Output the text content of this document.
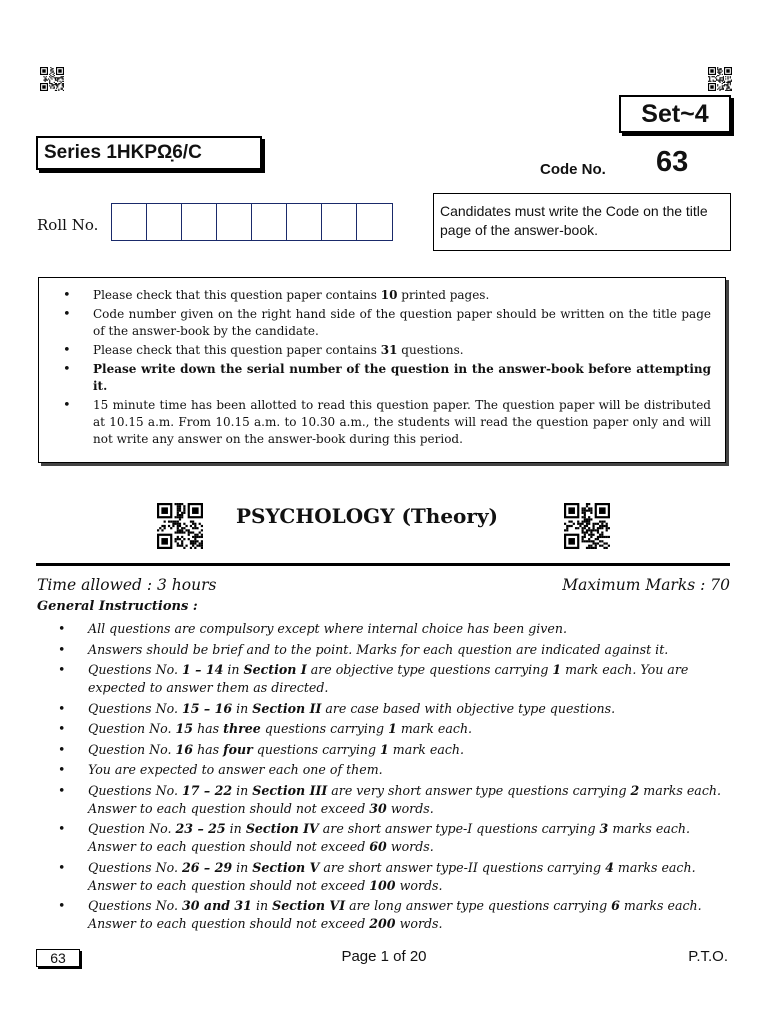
Set~4
Series 1HKPΩ̣6/C
Code No. 63
Roll No.
Candidates must write the Code on the title page of the answer-book.
• Please check that this question paper contains 10 printed pages.
• Code number given on the right hand side of the question paper should be written on the title page of the answer-book by the candidate.
• Please check that this question paper contains 31 questions.
• Please write down the serial number of the question in the answer-book before attempting it.
• 15 minute time has been allotted to read this question paper. The question paper will be distributed at 10.15 a.m. From 10.15 a.m. to 10.30 a.m., the students will read the question paper only and will not write any answer on the answer-book during this period.
PSYCHOLOGY (Theory)
Time allowed : 3 hours	Maximum Marks : 70
General Instructions :
• All questions are compulsory except where internal choice has been given.
• Answers should be brief and to the point. Marks for each question are indicated against it.
• Questions No. 1 – 14 in Section I are objective type questions carrying 1 mark each. You are expected to answer them as directed.
• Questions No. 15 – 16 in Section II are case based with objective type questions.
• Question No. 15 has three questions carrying 1 mark each.
• Question No. 16 has four questions carrying 1 mark each.
• You are expected to answer each one of them.
• Questions No. 17 – 22 in Section III are very short answer type questions carrying 2 marks each. Answer to each question should not exceed 30 words.
• Question No. 23 – 25 in Section IV are short answer type-I questions carrying 3 marks each. Answer to each question should not exceed 60 words.
• Questions No. 26 – 29 in Section V are short answer type-II questions carrying 4 marks each. Answer to each question should not exceed 100 words.
• Questions No. 30 and 31 in Section VI are long answer type questions carrying 6 marks each. Answer to each question should not exceed 200 words.
63	Page 1 of 20	P.T.O.
